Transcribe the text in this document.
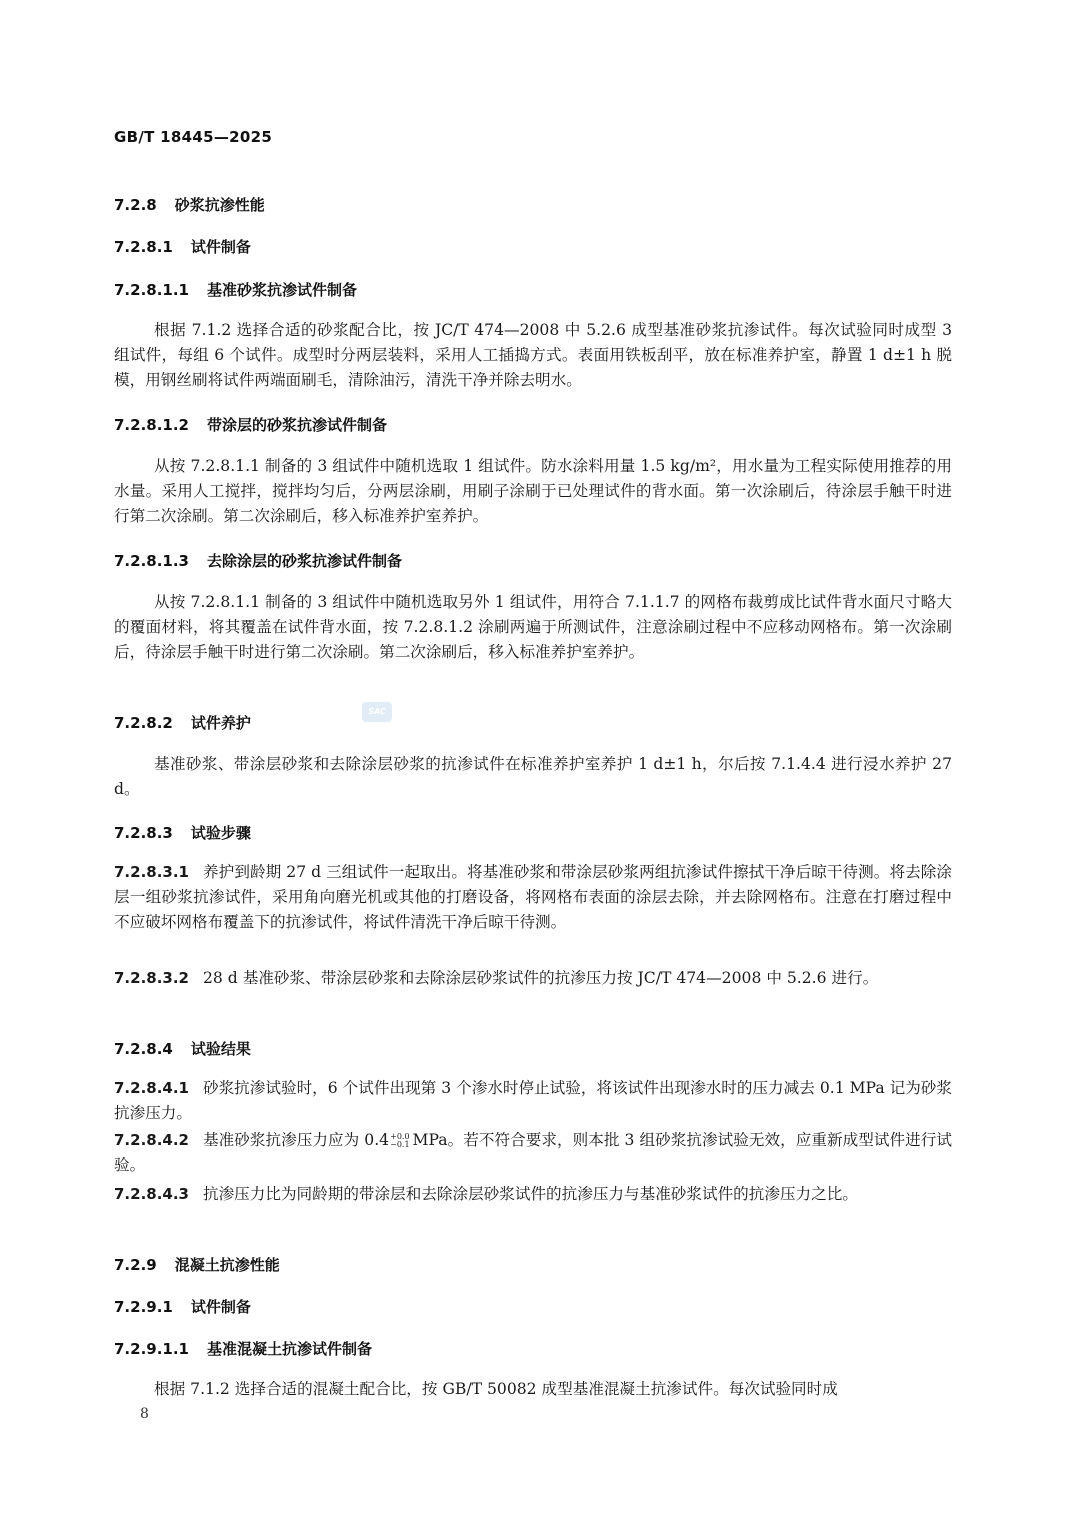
GB/T 18445—2025
7.2.8 砂浆抗渗性能
7.2.8.1 试件制备
7.2.8.1.1 基准砂浆抗渗试件制备
根据 7.1.2 选择合适的砂浆配合比，按 JC/T 474—2008 中 5.2.6 成型基准砂浆抗渗试件。每次试验同时成型 3 组试件，每组 6 个试件。成型时分两层装料，采用人工插捣方式。表面用铁板刮平，放在标准养护室，静置 1 d±1 h 脱模，用钢丝刷将试件两端面刷毛，清除油污，清洗干净并除去明水。
7.2.8.1.2 带涂层的砂浆抗渗试件制备
从按 7.2.8.1.1 制备的 3 组试件中随机选取 1 组试件。防水涂料用量 1.5 kg/m²，用水量为工程实际使用推荐的用水量。采用人工搅拌，搅拌均匀后，分两层涂刷，用刷子涂刷于已处理试件的背水面。第一次涂刷后，待涂层手触干时进行第二次涂刷。第二次涂刷后，移入标准养护室养护。
7.2.8.1.3 去除涂层的砂浆抗渗试件制备
从按 7.2.8.1.1 制备的 3 组试件中随机选取另外 1 组试件，用符合 7.1.1.7 的网格布裁剪成比试件背水面尺寸略大的覆面材料，将其覆盖在试件背水面，按 7.2.8.1.2 涂刷两遍于所测试件，注意涂刷过程中不应移动网格布。第一次涂刷后，待涂层手触干时进行第二次涂刷。第二次涂刷后，移入标准养护室养护。
SAC
7.2.8.2 试件养护
基准砂浆、带涂层砂浆和去除涂层砂浆的抗渗试件在标准养护室养护 1 d±1 h，尔后按 7.1.4.4 进行浸水养护 27 d。
7.2.8.3 试验步骤
7.2.8.3.1 养护到龄期 27 d 三组试件一起取出。将基准砂浆和带涂层砂浆两组抗渗试件擦拭干净后晾干待测。将去除涂层一组砂浆抗渗试件，采用角向磨光机或其他的打磨设备，将网格布表面的涂层去除，并去除网格布。注意在打磨过程中不应破坏网格布覆盖下的抗渗试件，将试件清洗干净后晾干待测。
7.2.8.3.2 28 d 基准砂浆、带涂层砂浆和去除涂层砂浆试件的抗渗压力按 JC/T 474—2008 中 5.2.6 进行。
7.2.8.4 试验结果
7.2.8.4.1 砂浆抗渗试验时，6 个试件出现第 3 个渗水时停止试验，将该试件出现渗水时的压力减去 0.1 MPa 记为砂浆抗渗压力。
7.2.8.4.2 基准砂浆抗渗压力应为 0.4 +0.0
−0.1 MPa。若不符合要求，则本批 3 组砂浆抗渗试验无效，应重新成型试件进行试验。
7.2.8.4.3 抗渗压力比为同龄期的带涂层和去除涂层砂浆试件的抗渗压力与基准砂浆试件的抗渗压力之比。
7.2.9 混凝土抗渗性能
7.2.9.1 试件制备
7.2.9.1.1 基准混凝土抗渗试件制备
根据 7.1.2 选择合适的混凝土配合比，按 GB/T 50082 成型基准混凝土抗渗试件。每次试验同时成
8
